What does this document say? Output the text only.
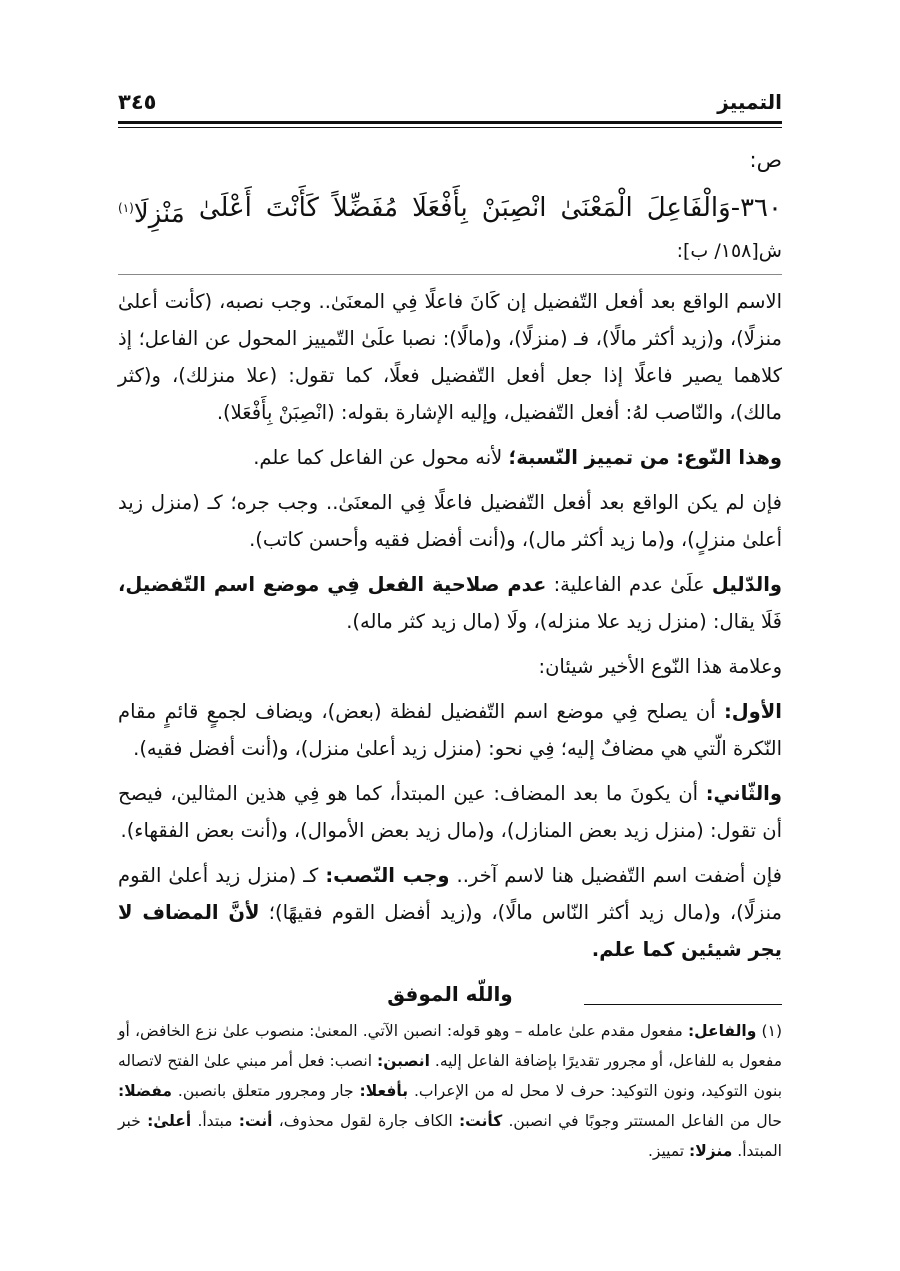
التمييز
٣٤٥

ص:

٣٦٠-وَالْفَاعِلَ
الْمَعْنَىٰ
انْصِبَنْ
بِأَفْعَلَا
مُفَضِّلاً
كَأَنْتَ
أَعْلَىٰ
مَنْزِلَا$^{(١)}$

ش[١٥٨/ ب]:

الاسم الواقع بعد أفعل التّفضيل إن كَانَ فاعلًا فِي المعنَىٰ.. وجب نصبه، (كأنت أعلىٰ منزلًا)، و(زيد أكثر مالًا)، فـ (منزلًا)، و(مالًا): نصبا علَىٰ التّمييز المحول عن الفاعل؛ إذ كلاهما يصير فاعلًا إذا جعل أفعل التّفضيل فعلًا، كما تقول: (علا منزلك)، و(كثر مالك)، والنّاصب لهُ: أفعل التّفضيل، وإليه الإشارة بقوله: (انْصِبَنْ بِأَفْعَلا).

وهذا النّوع: من تمييز النّسبة؛ لأنه محول عن الفاعل كما علم.

فإن لم يكن الواقع بعد أفعل التّفضيل فاعلًا فِي المعنَىٰ.. وجب جره؛ كـ (منزل زيد أعلىٰ منزلٍ)، و(ما زيد أكثر مال)، و(أنت أفضل فقيه وأحسن كاتب).

والدّليل علَىٰ عدم الفاعلية: عدم صلاحية الفعل فِي موضع اسم التّفضيل، فَلَا يقال: (منزل زيد علا منزله)، ولَا (مال زيد كثر ماله).

وعلامة هذا النّوع الأخير شيئان:

الأول: أن يصلح فِي موضع اسم التّفضيل لفظة (بعض)، ويضاف لجمعٍ قائمٍ مقام النّكرة الّتي هي مضافٌ إليه؛ فِي نحو: (منزل زيد أعلىٰ منزل)، و(أنت أفضل فقيه).

والثّاني: أن يكونَ ما بعد المضاف: عين المبتدأ، كما هو فِي هذين المثالين، فيصح أن تقول: (منزل زيد بعض المنازل)، و(مال زيد بعض الأموال)، و(أنت بعض الفقهاء).

فإن أضفت اسم التّفضيل هنا لاسم آخر.. وجب النّصب: كـ (منزل زيد أعلىٰ القوم منزلًا)، و(مال زيد أكثر النّاس مالًا)، و(زيد أفضل القوم فقيهًا)؛ لأنَّ المضاف لا يجر شيئين كما علم.

واللّه الموفق

(١) والفاعل: مفعول مقدم علىٰ عامله – وهو قوله: انصبن الآتي. المعنىٰ: منصوب علىٰ نزع الخافض، أو مفعول به للفاعل، أو مجرور تقديرًا بإضافة الفاعل إليه. انصبن: انصب: فعل أمر مبني علىٰ الفتح لاتصاله بنون التوكيد، ونون التوكيد: حرف لا محل له من الإعراب. بأفعلا: جار ومجرور متعلق بانصبن. مفضلا: حال من الفاعل المستتر وجوبًا في انصبن. كأنت: الكاف جارة لقول محذوف، أنت: مبتدأ. أعلىٰ: خبر المبتدأ. منزلا: تمييز.
